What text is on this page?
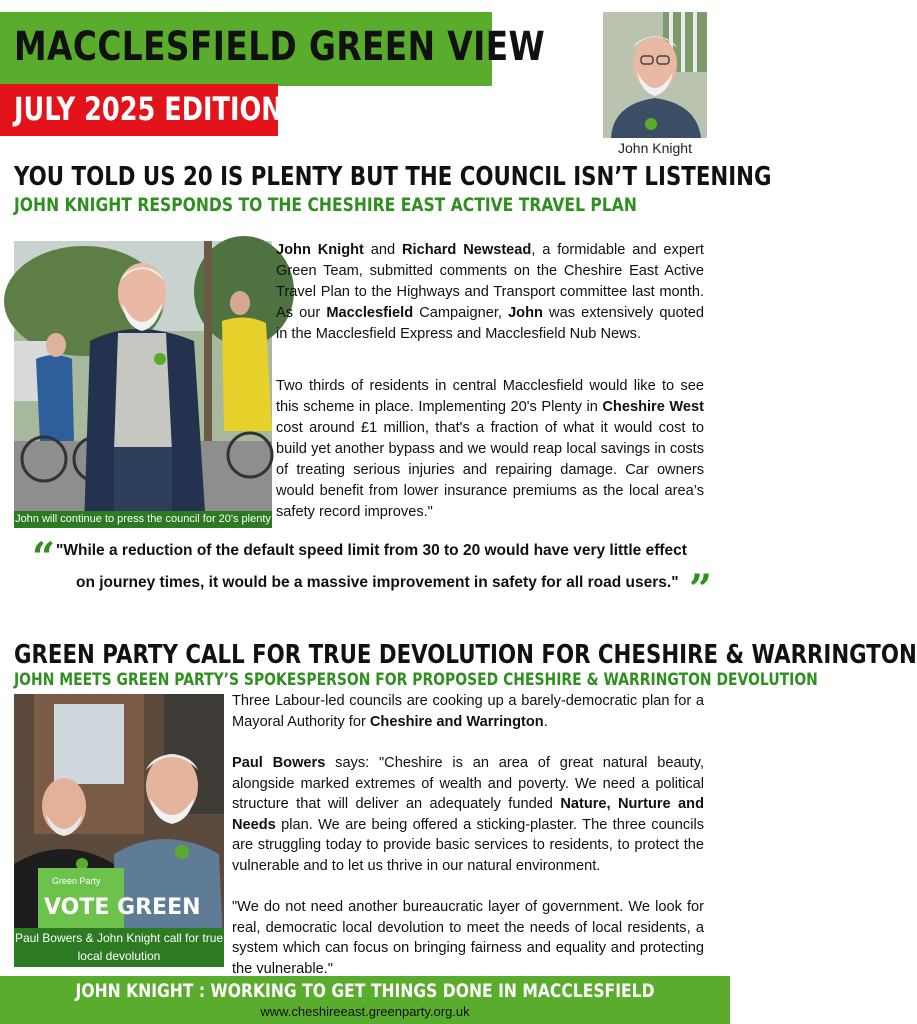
MACCLESFIELD GREEN VIEW
JULY 2025 EDITION
John Knight
YOU TOLD US 20 IS PLENTY BUT THE COUNCIL ISN’T LISTENING
JOHN KNIGHT RESPONDS TO THE CHESHIRE EAST ACTIVE TRAVEL PLAN
John will continue to press the council for 20's plenty
John Knight and Richard Newstead, a formidable and expert Green Team, submitted comments on the Cheshire East Active Travel Plan to the Highways and Transport committee last month. As our Macclesfield Campaigner, John was extensively quoted in the Macclesfield Express and Macclesfield Nub News.
Two thirds of residents in central Macclesfield would like to see this scheme in place. Implementing 20's Plenty in Cheshire West cost around £1 million, that's a fraction of what it would cost to build yet another bypass and we would reap local savings in costs of treating serious injuries and repairing damage. Car owners would benefit from lower insurance premiums as the local area’s safety record improves."
“ "While a reduction of the default speed limit from 30 to 20 would have very little effect
on journey times, it would be a massive improvement in safety for all road users." ”
GREEN PARTY CALL FOR TRUE DEVOLUTION FOR CHESHIRE & WARRINGTON
JOHN MEETS GREEN PARTY’S SPOKESPERSON FOR PROPOSED CHESHIRE & WARRINGTON DEVOLUTION
Green Party
VOTE GREEN
Paul Bowers & John Knight call for true local devolution
Three Labour-led councils are cooking up a barely-democratic plan for a Mayoral Authority for Cheshire and Warrington.
Paul Bowers says: "Cheshire is an area of great natural beauty, alongside marked extremes of wealth and poverty. We need a political structure that will deliver an adequately funded Nature, Nurture and Needs plan. We are being offered a sticking-plaster. The three councils are struggling today to provide basic services to residents, to protect the vulnerable and to let us thrive in our natural environment.
"We do not need another bureaucratic layer of government. We look for real, democratic local devolution to meet the needs of local residents, a system which can focus on bringing fairness and equality and protecting the vulnerable."
JOHN KNIGHT : WORKING TO GET THINGS DONE IN MACCLESFIELD
www.cheshireeast.greenparty.org.uk
